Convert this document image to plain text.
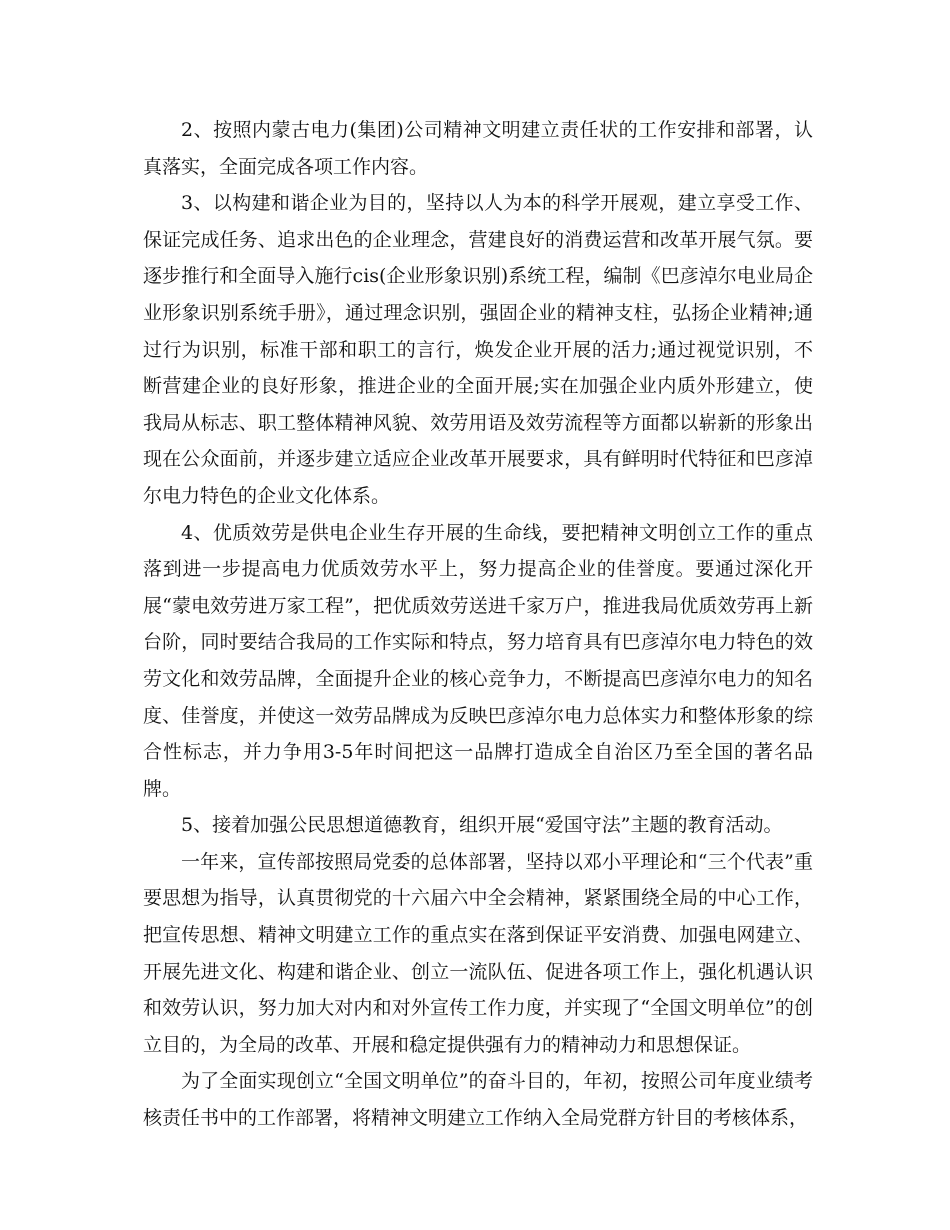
2、按照内蒙古电力(集团)公司精神文明建立责任状的工作安排和部署，认真落实，全面完成各项工作内容。

3、以构建和谐企业为目的，坚持以人为本的科学开展观，建立享受工作、保证完成任务、追求出色的企业理念，营建良好的消费运营和改革开展气氛。要逐步推行和全面导入施行cis(企业形象识别)系统工程，编制《巴彦淖尔电业局企业形象识别系统手册》，通过理念识别，强固企业的精神支柱，弘扬企业精神;通过行为识别，标准干部和职工的言行，焕发企业开展的活力;通过视觉识别，不断营建企业的良好形象，推进企业的全面开展;实在加强企业内质外形建立，使我局从标志、职工整体精神风貌、效劳用语及效劳流程等方面都以崭新的形象出现在公众面前，并逐步建立适应企业改革开展要求，具有鲜明时代特征和巴彦淖尔电力特色的企业文化体系。

4、优质效劳是供电企业生存开展的生命线，要把精神文明创立工作的重点落到进一步提高电力优质效劳水平上，努力提高企业的佳誉度。要通过深化开展“蒙电效劳进万家工程”，把优质效劳送进千家万户，推进我局优质效劳再上新台阶，同时要结合我局的工作实际和特点，努力培育具有巴彦淖尔电力特色的效劳文化和效劳品牌，全面提升企业的核心竞争力，不断提高巴彦淖尔电力的知名度、佳誉度，并使这一效劳品牌成为反映巴彦淖尔电力总体实力和整体形象的综合性标志，并力争用3-5年时间把这一品牌打造成全自治区乃至全国的著名品牌。

5、接着加强公民思想道德教育，组织开展“爱国守法”主题的教育活动。

一年来，宣传部按照局党委的总体部署，坚持以邓小平理论和“三个代表”重要思想为指导，认真贯彻党的十六届六中全会精神，紧紧围绕全局的中心工作，把宣传思想、精神文明建立工作的重点实在落到保证平安消费、加强电网建立、开展先进文化、构建和谐企业、创立一流队伍、促进各项工作上，强化机遇认识和效劳认识，努力加大对内和对外宣传工作力度，并实现了“全国文明单位”的创立目的，为全局的改革、开展和稳定提供强有力的精神动力和思想保证。

为了全面实现创立“全国文明单位”的奋斗目的，年初，按照公司年度业绩考核责任书中的工作部署，将精神文明建立工作纳入全局党群方针目的考核体系，
